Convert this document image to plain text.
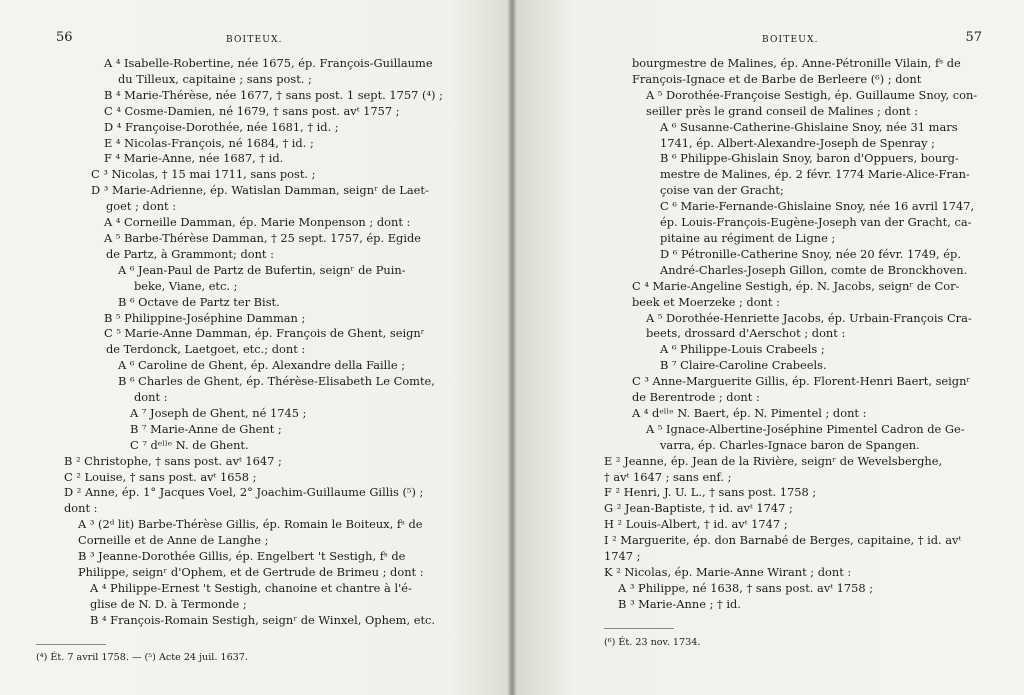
56	BOITEUX.
A ⁴ Isabelle-Robertine, née 1675, ép. François-Guillaume
du Tilleux, capitaine ; sans post. ;
B ⁴ Marie-Thérèse, née 1677, † sans post. 1 sept. 1757 (⁴) ;
C ⁴ Cosme-Damien, né 1679, † sans post. avᵗ 1757 ;
D ⁴ Françoise-Dorothée, née 1681, † id. ;
E ⁴ Nicolas-François, né 1684, † id. ;
F ⁴ Marie-Anne, née 1687, † id.
C ³ Nicolas, † 15 mai 1711, sans post. ;
D ³ Marie-Adrienne, ép. Watislan Damman, seignʳ de Laet-
goet ; dont :
A ⁴ Corneille Damman, ép. Marie Monpenson ; dont :
A ⁵ Barbe-Thérèse Damman, † 25 sept. 1757, ép. Egide
de Partz, à Grammont; dont :
A ⁶ Jean-Paul de Partz de Bufertin, seignʳ de Puin-
beke, Viane, etc. ;
B ⁶ Octave de Partz ter Bist.
B ⁵ Philippine-Joséphine Damman ;
C ⁵ Marie-Anne Damman, ép. François de Ghent, seignʳ
de Terdonck, Laetgoet, etc.; dont :
A ⁶ Caroline de Ghent, ép. Alexandre della Faille ;
B ⁶ Charles de Ghent, ép. Thérèse-Elisabeth Le Comte,
dont :
A ⁷ Joseph de Ghent, né 1745 ;
B ⁷ Marie-Anne de Ghent ;
C ⁷ dᵉˡˡᵉ N. de Ghent.
B ² Christophe, † sans post. avᵗ 1647 ;
C ² Louise, † sans post. avᵗ 1658 ;
D ² Anne, ép. 1° Jacques Voel, 2° Joachim-Guillaume Gillis (⁵) ;
dont :
A ³ (2ᵈ lit) Barbe-Thérèse Gillis, ép. Romain le Boiteux, fˢ de
Corneille et de Anne de Langhe ;
B ³ Jeanne-Dorothée Gillis, ép. Engelbert 't Sestigh, fˢ de
Philippe, seignʳ d'Ophem, et de Gertrude de Brimeu ; dont :
A ⁴ Philippe-Ernest 't Sestigh, chanoine et chantre à l'é-
glise de N. D. à Termonde ;
B ⁴ François-Romain Sestigh, seignʳ de Winxel, Ophem, etc.
(⁴) Ét. 7 avril 1758. — (⁵) Acte 24 juil. 1637.
57
BOITEUX.
bourgmestre de Malines, ép. Anne-Pétronille Vilain, fˢ de
François-Ignace et de Barbe de Berleere (⁶) ; dont
A ⁵ Dorothée-Françoise Sestigh, ép. Guillaume Snoy, con-
seiller près le grand conseil de Malines ; dont :
A ⁶ Susanne-Catherine-Ghislaine Snoy, née 31 mars
1741, ép. Albert-Alexandre-Joseph de Spenray ;
B ⁶ Philippe-Ghislain Snoy, baron d'Oppuers, bourg-
mestre de Malines, ép. 2 févr. 1774 Marie-Alice-Fran-
çoise van der Gracht;
C ⁶ Marie-Fernande-Ghislaine Snoy, née 16 avril 1747,
ép. Louis-François-Eugène-Joseph van der Gracht, ca-
pitaine au régiment de Ligne ;
D ⁶ Pétronille-Catherine Snoy, née 20 févr. 1749, ép.
André-Charles-Joseph Gillon, comte de Bronckhoven.
C ⁴ Marie-Angeline Sestigh, ép. N. Jacobs, seignʳ de Cor-
beek et Moerzeke ; dont :
A ⁵ Dorothée-Henriette Jacobs, ép. Urbain-François Cra-
beets, drossard d'Aerschot ; dont :
A ⁶ Philippe-Louis Crabeels ;
B ⁷ Claire-Caroline Crabeels.
C ³ Anne-Marguerite Gillis, ép. Florent-Henri Baert, seignʳ
de Berentrode ; dont :
A ⁴ dᵉˡˡᵉ N. Baert, ép. N. Pimentel ; dont :
A ⁵ Ignace-Albertine-Joséphine Pimentel Cadron de Ge-
varra, ép. Charles-Ignace baron de Spangen.
E ² Jeanne, ép. Jean de la Rivière, seignʳ de Wevelsberghe,
† avᵗ 1647 ; sans enf. ;
F ² Henri, J. U. L., † sans post. 1758 ;
G ² Jean-Baptiste, † id. avᵗ 1747 ;
H ² Louis-Albert, † id. avᵗ 1747 ;
I ² Marguerite, ép. don Barnabé de Berges, capitaine, † id. avᵗ
1747 ;
K ² Nicolas, ép. Marie-Anne Wirant ; dont :
A ³ Philippe, né 1638, † sans post. avᵗ 1758 ;
B ³ Marie-Anne ; † id.
(⁶) Ét. 23 nov. 1734.
